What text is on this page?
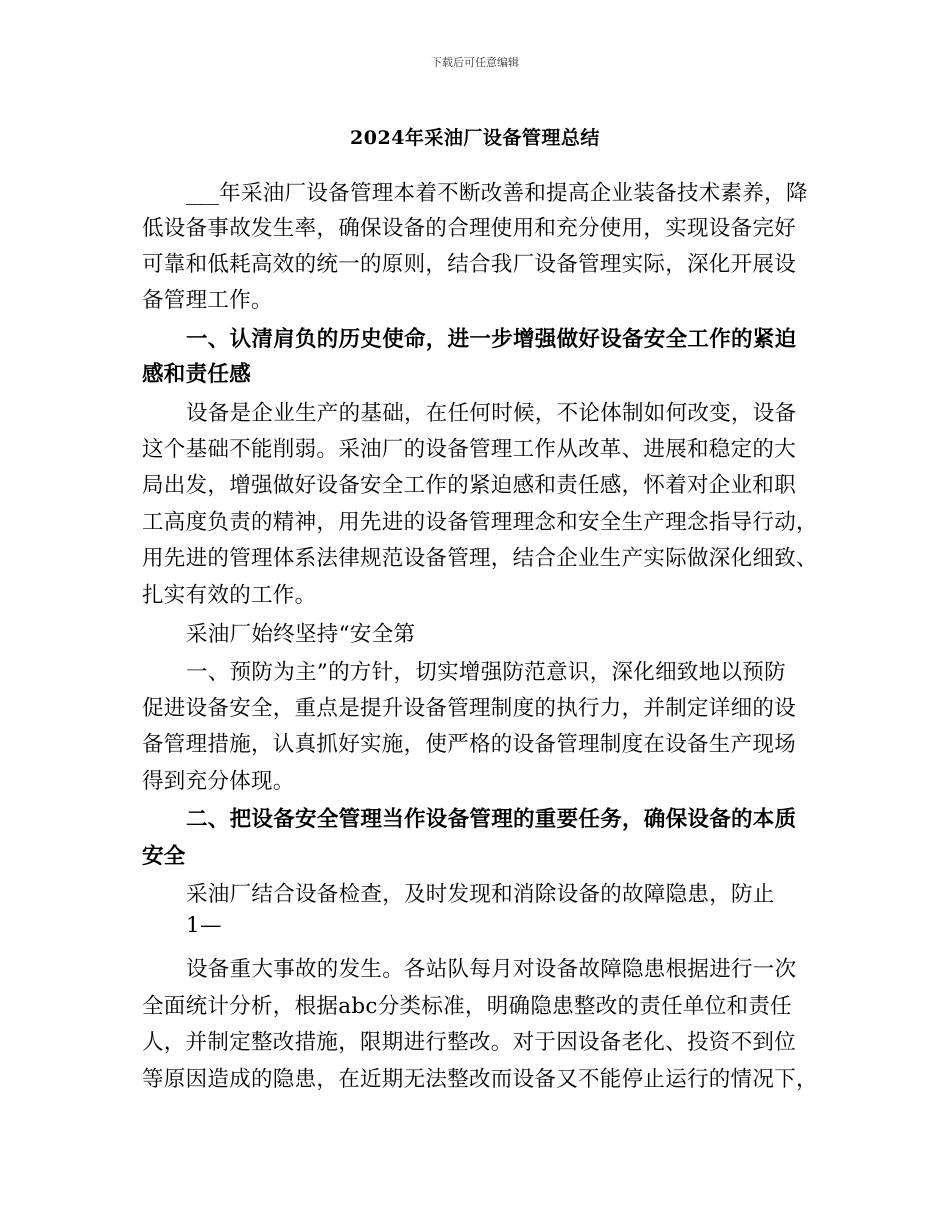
下载后可任意编辑
2024年采油厂设备管理总结
___年采油厂设备管理本着不断改善和提高企业装备技术素养，降
低设备事故发生率，确保设备的合理使用和充分使用，实现设备完好
可靠和低耗高效的统一的原则，结合我厂设备管理实际，深化开展设
备管理工作。
一、认清肩负的历史使命，进一步增强做好设备安全工作的紧迫
感和责任感
设备是企业生产的基础，在任何时候，不论体制如何改变，设备
这个基础不能削弱。采油厂的设备管理工作从改革、进展和稳定的大
局出发，增强做好设备安全工作的紧迫感和责任感，怀着对企业和职
工高度负责的精神，用先进的设备管理理念和安全生产理念指导行动，
用先进的管理体系法律规范设备管理，结合企业生产实际做深化细致、
扎实有效的工作。
采油厂始终坚持“安全第
一、预防为主”的方针，切实增强防范意识，深化细致地以预防
促进设备安全，重点是提升设备管理制度的执行力，并制定详细的设
备管理措施，认真抓好实施，使严格的设备管理制度在设备生产现场
得到充分体现。
二、把设备安全管理当作设备管理的重要任务，确保设备的本质
安全
采油厂结合设备检查，及时发现和消除设备的故障隐患，防止
1—
设备重大事故的发生。各站队每月对设备故障隐患根据进行一次
全面统计分析，根据abc分类标准，明确隐患整改的责任单位和责任
人，并制定整改措施，限期进行整改。对于因设备老化、投资不到位
等原因造成的隐患，在近期无法整改而设备又不能停止运行的情况下，
